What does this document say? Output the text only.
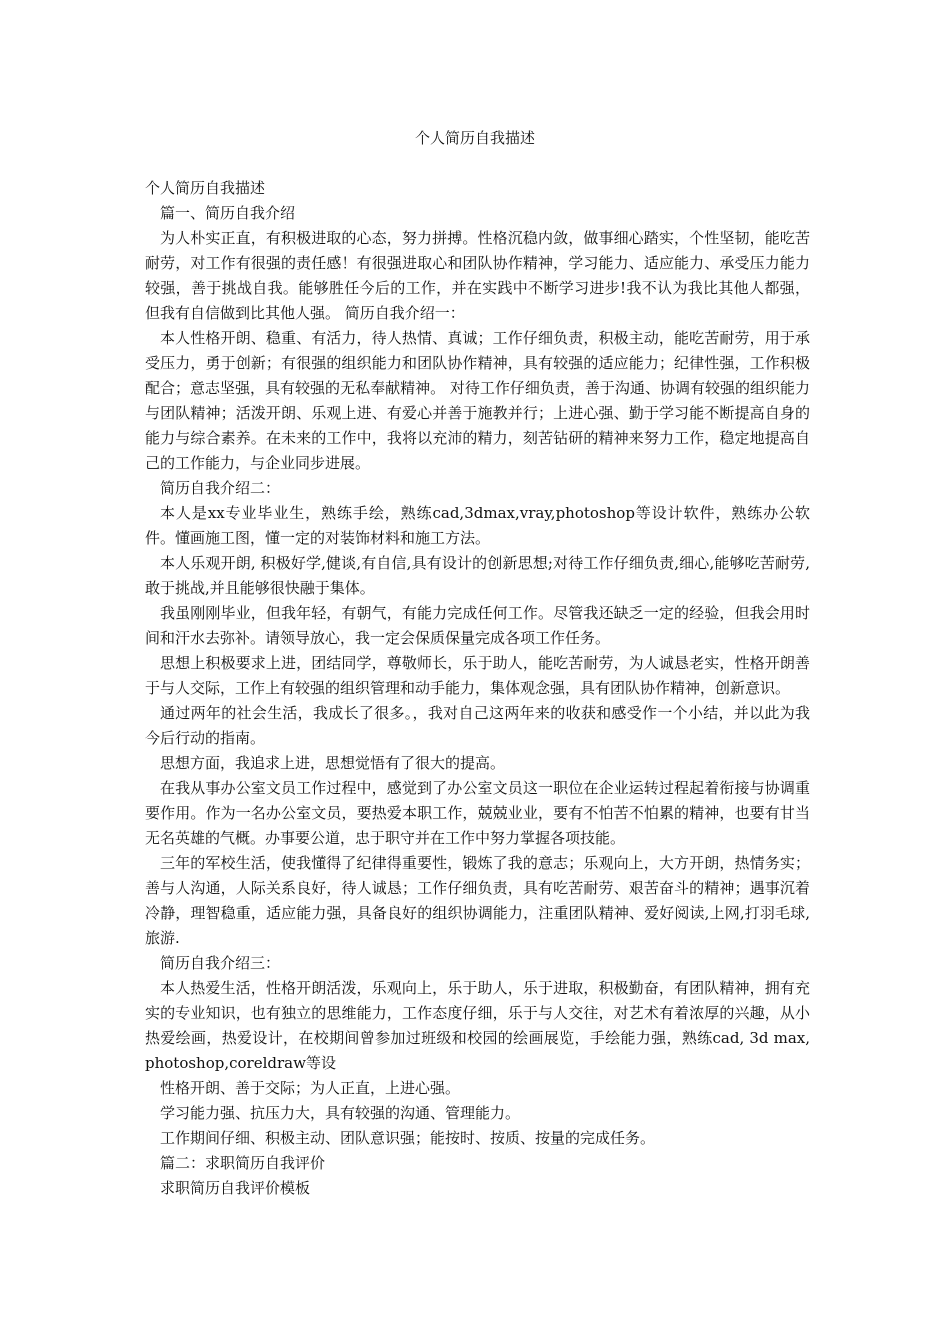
个人简历自我描述

个人简历自我描述

篇一、简历自我介绍

为人朴实正直，有积极进取的心态，努力拼搏。性格沉稳内敛，做事细心踏实，个性坚韧，能吃苦耐劳，对工作有很强的责任感！有很强进取心和团队协作精神，学习能力、适应能力、承受压力能力较强，善于挑战自我。能够胜任今后的工作，并在实践中不断学习进步!我不认为我比其他人都强，但我有自信做到比其他人强。 简历自我介绍一：

本人性格开朗、稳重、有活力，待人热情、真诚；工作仔细负责，积极主动，能吃苦耐劳，用于承受压力，勇于创新；有很强的组织能力和团队协作精神，具有较强的适应能力；纪律性强，工作积极配合；意志坚强，具有较强的无私奉献精神。 对待工作仔细负责，善于沟通、协调有较强的组织能力与团队精神；活泼开朗、乐观上进、有爱心并善于施教并行；上进心强、勤于学习能不断提高自身的能力与综合素养。在未来的工作中，我将以充沛的精力，刻苦钻研的精神来努力工作，稳定地提高自己的工作能力，与企业同步进展。

简历自我介绍二：

本人是xx专业毕业生，熟练手绘，熟练cad,3dmax,vray,photoshop等设计软件，熟练办公软件。懂画施工图，懂一定的对装饰材料和施工方法。

本人乐观开朗, 积极好学,健谈,有自信,具有设计的创新思想;对待工作仔细负责,细心,能够吃苦耐劳,敢于挑战,并且能够很快融于集体。

我虽刚刚毕业，但我年轻，有朝气，有能力完成任何工作。尽管我还缺乏一定的经验，但我会用时间和汗水去弥补。请领导放心，我一定会保质保量完成各项工作任务。

思想上积极要求上进，团结同学，尊敬师长，乐于助人，能吃苦耐劳，为人诚恳老实，性格开朗善于与人交际，工作上有较强的组织管理和动手能力，集体观念强，具有团队协作精神，创新意识。

通过两年的社会生活，我成长了很多。，我对自己这两年来的收获和感受作一个小结，并以此为我今后行动的指南。

思想方面，我追求上进，思想觉悟有了很大的提高。

在我从事办公室文员工作过程中，感觉到了办公室文员这一职位在企业运转过程起着衔接与协调重要作用。作为一名办公室文员，要热爱本职工作，兢兢业业，要有不怕苦不怕累的精神，也要有甘当无名英雄的气概。办事要公道，忠于职守并在工作中努力掌握各项技能。

三年的军校生活，使我懂得了纪律得重要性，锻炼了我的意志；乐观向上，大方开朗，热情务实；善与人沟通，人际关系良好，待人诚恳；工作仔细负责，具有吃苦耐劳、艰苦奋斗的精神；遇事沉着冷静，理智稳重，适应能力强，具备良好的组织协调能力，注重团队精神、爱好阅读,上网,打羽毛球,旅游.

简历自我介绍三：

本人热爱生活，性格开朗活泼，乐观向上，乐于助人，乐于进取，积极勤奋，有团队精神，拥有充实的专业知识，也有独立的思维能力，工作态度仔细，乐于与人交往，对艺术有着浓厚的兴趣，从小热爱绘画，热爱设计，在校期间曾参加过班级和校园的绘画展览，手绘能力强，熟练cad, 3d max, photoshop,coreldraw等设

性格开朗、善于交际；为人正直，上进心强。

学习能力强、抗压力大，具有较强的沟通、管理能力。

工作期间仔细、积极主动、团队意识强；能按时、按质、按量的完成任务。

篇二：求职简历自我评价

求职简历自我评价模板
